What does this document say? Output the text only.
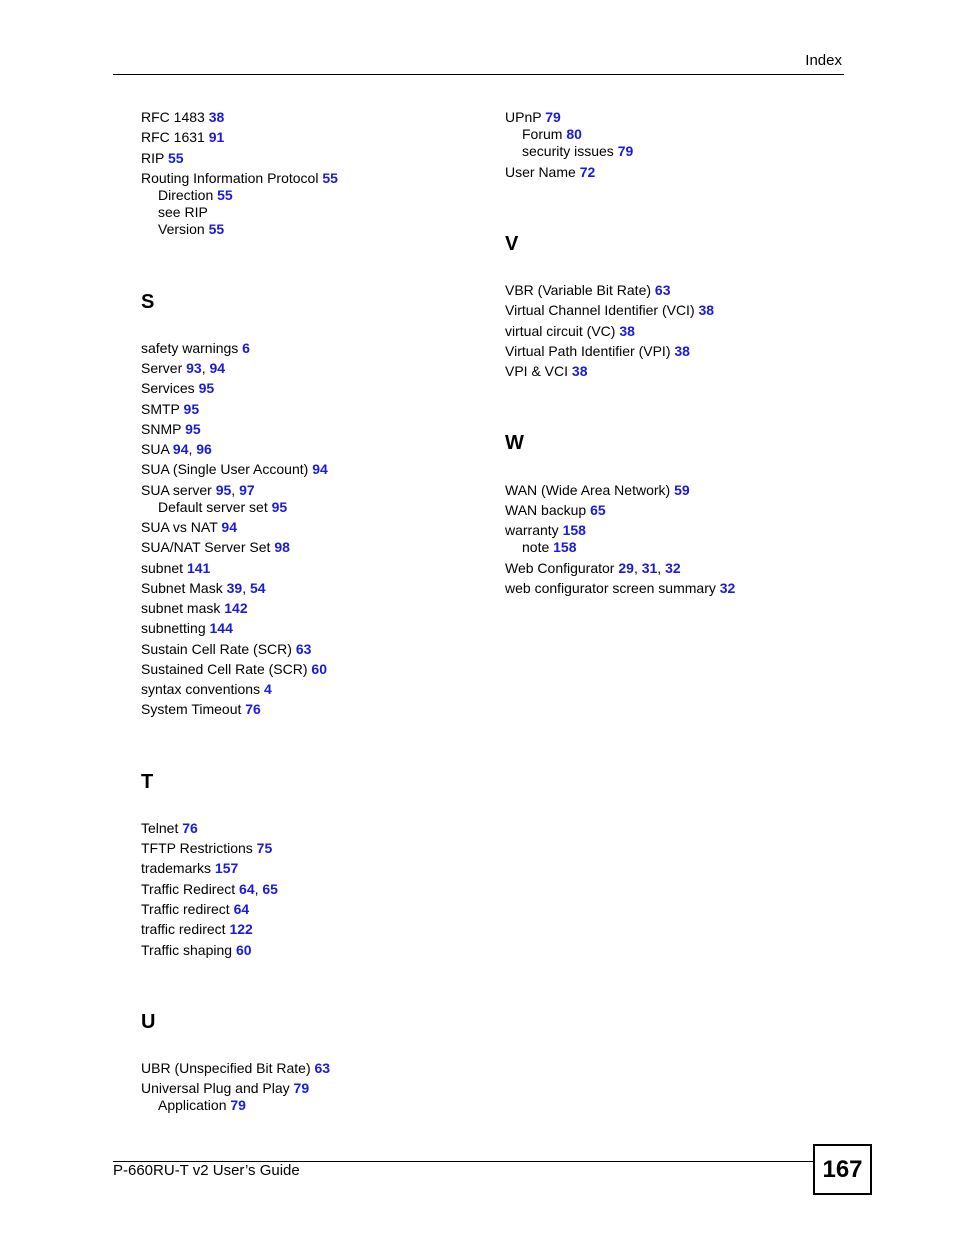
Index
RFC 1483 38
RFC 1631 91
RIP 55
Routing Information Protocol 55
Direction 55
see RIP
Version 55
S
safety warnings 6
Server 93, 94
Services 95
SMTP 95
SNMP 95
SUA 94, 96
SUA (Single User Account) 94
SUA server 95, 97
Default server set 95
SUA vs NAT 94
SUA/NAT Server Set 98
subnet 141
Subnet Mask 39, 54
subnet mask 142
subnetting 144
Sustain Cell Rate (SCR) 63
Sustained Cell Rate (SCR) 60
syntax conventions 4
System Timeout 76
T
Telnet 76
TFTP Restrictions 75
trademarks 157
Traffic Redirect 64, 65
Traffic redirect 64
traffic redirect 122
Traffic shaping 60
U
UBR (Unspecified Bit Rate) 63
Universal Plug and Play 79
Application 79
UPnP 79
Forum 80
security issues 79
User Name 72
V
VBR (Variable Bit Rate) 63
Virtual Channel Identifier (VCI) 38
virtual circuit (VC) 38
Virtual Path Identifier (VPI) 38
VPI & VCI 38
W
WAN (Wide Area Network) 59
WAN backup 65
warranty 158
note 158
Web Configurator 29, 31, 32
web configurator screen summary 32
P-660RU-T v2 User’s Guide	167
